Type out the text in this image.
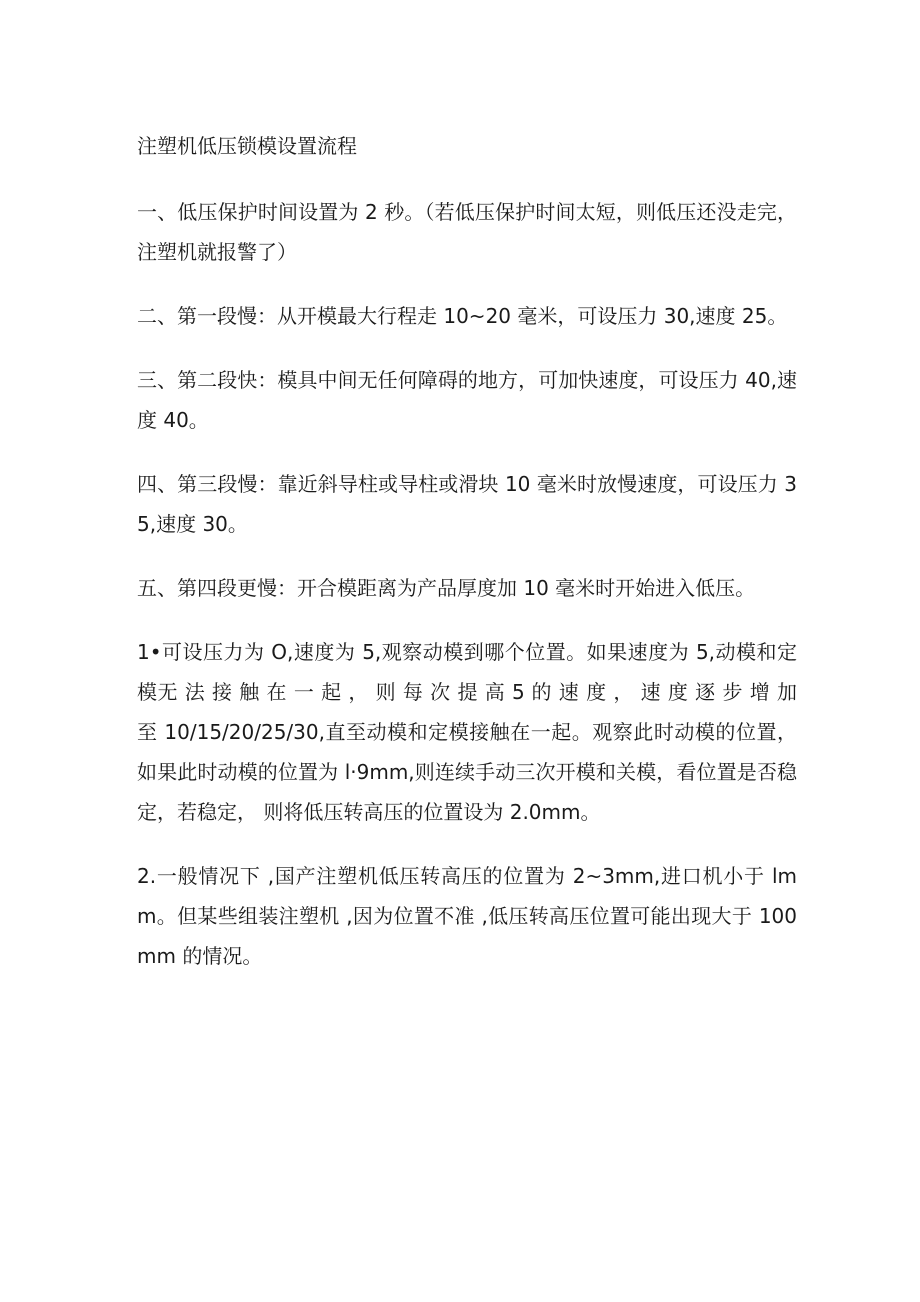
注塑机低压锁模设置流程

一、低压保护时间设置为 2 秒。（若低压保护时间太短，则低压还没走完，注塑机就报警了）

二、第一段慢：从开模最大行程走 10~20 毫米，可设压力 30,速度 25。

三、第二段快：模具中间无任何障碍的地方，可加快速度，可设压力 40,速度 40。

四、第三段慢：靠近斜导柱或导柱或滑块 10 毫米时放慢速度，可设压力 35,速度 30。

五、第四段更慢：开合模距离为产品厚度加 10 毫米时开始进入低压。

1•可设压力为 O,速度为 5,观察动模到哪个位置。如果速度为 5,动模和定模无 法 接 触 在 一 起 ， 则 每 次 提 高 5 的 速 度 ， 速 度 逐 步 增 加 至 10/15/20/25/30,直至动模和定模接触在一起。观察此时动模的位置，如果此时动模的位置为 l·9mm,则连续手动三次开模和关模，看位置是否稳定，若稳定， 则将低压转高压的位置设为 2.0mm。

2.一般情况下 ,国产注塑机低压转高压的位置为 2~3mm,进口机小于 lmm。但某些组装注塑机 ,因为位置不准 ,低压转高压位置可能出现大于 100mm 的情况。
